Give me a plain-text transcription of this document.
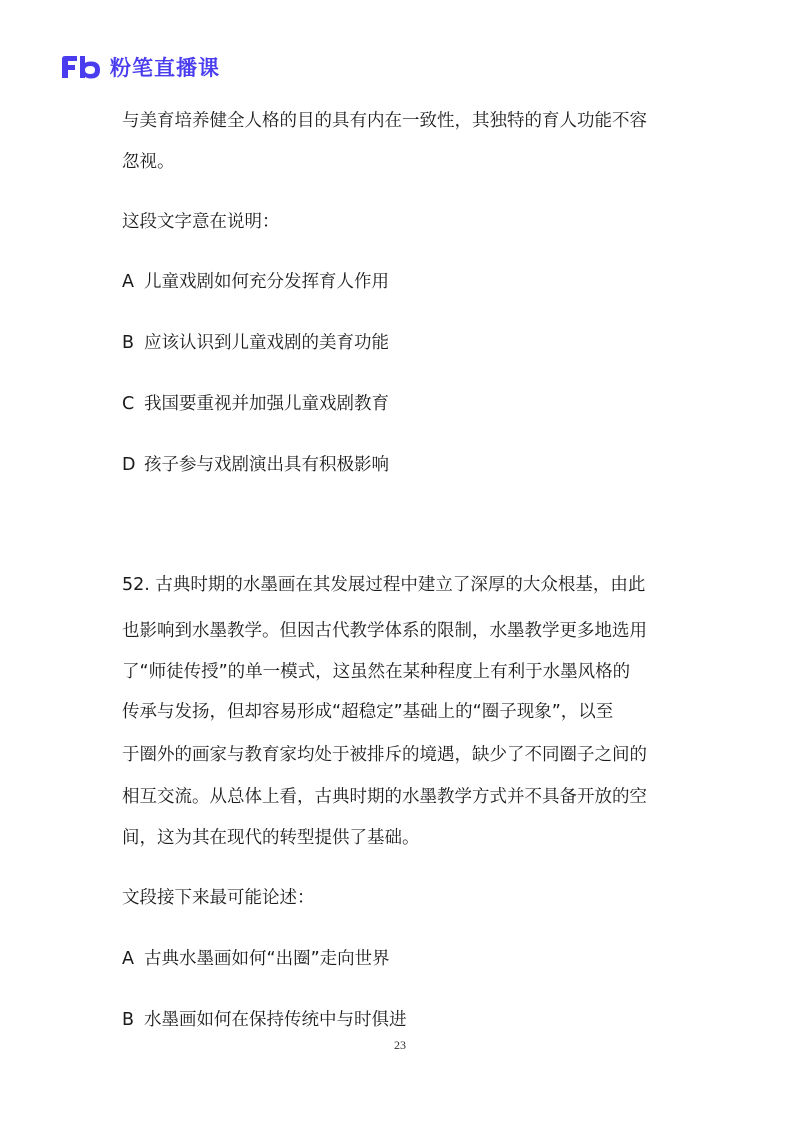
粉笔直播课
与美育培养健全人格的目的具有内在一致性，其独特的育人功能不容
忽视。
这段文字意在说明：
A 儿童戏剧如何充分发挥育人作用
B 应该认识到儿童戏剧的美育功能
C 我国要重视并加强儿童戏剧教育
D 孩子参与戏剧演出具有积极影响
52. 古典时期的水墨画在其发展过程中建立了深厚的大众根基，由此
也影响到水墨教学。但因古代教学体系的限制，水墨教学更多地选用
了“师徒传授”的单一模式，这虽然在某种程度上有利于水墨风格的
传承与发扬，但却容易形成“超稳定”基础上的“圈子现象”，以至
于圈外的画家与教育家均处于被排斥的境遇，缺少了不同圈子之间的
相互交流。从总体上看，古典时期的水墨教学方式并不具备开放的空
间，这为其在现代的转型提供了基础。
文段接下来最可能论述：
A 古典水墨画如何“出圈”走向世界
B 水墨画如何在保持传统中与时俱进
23
